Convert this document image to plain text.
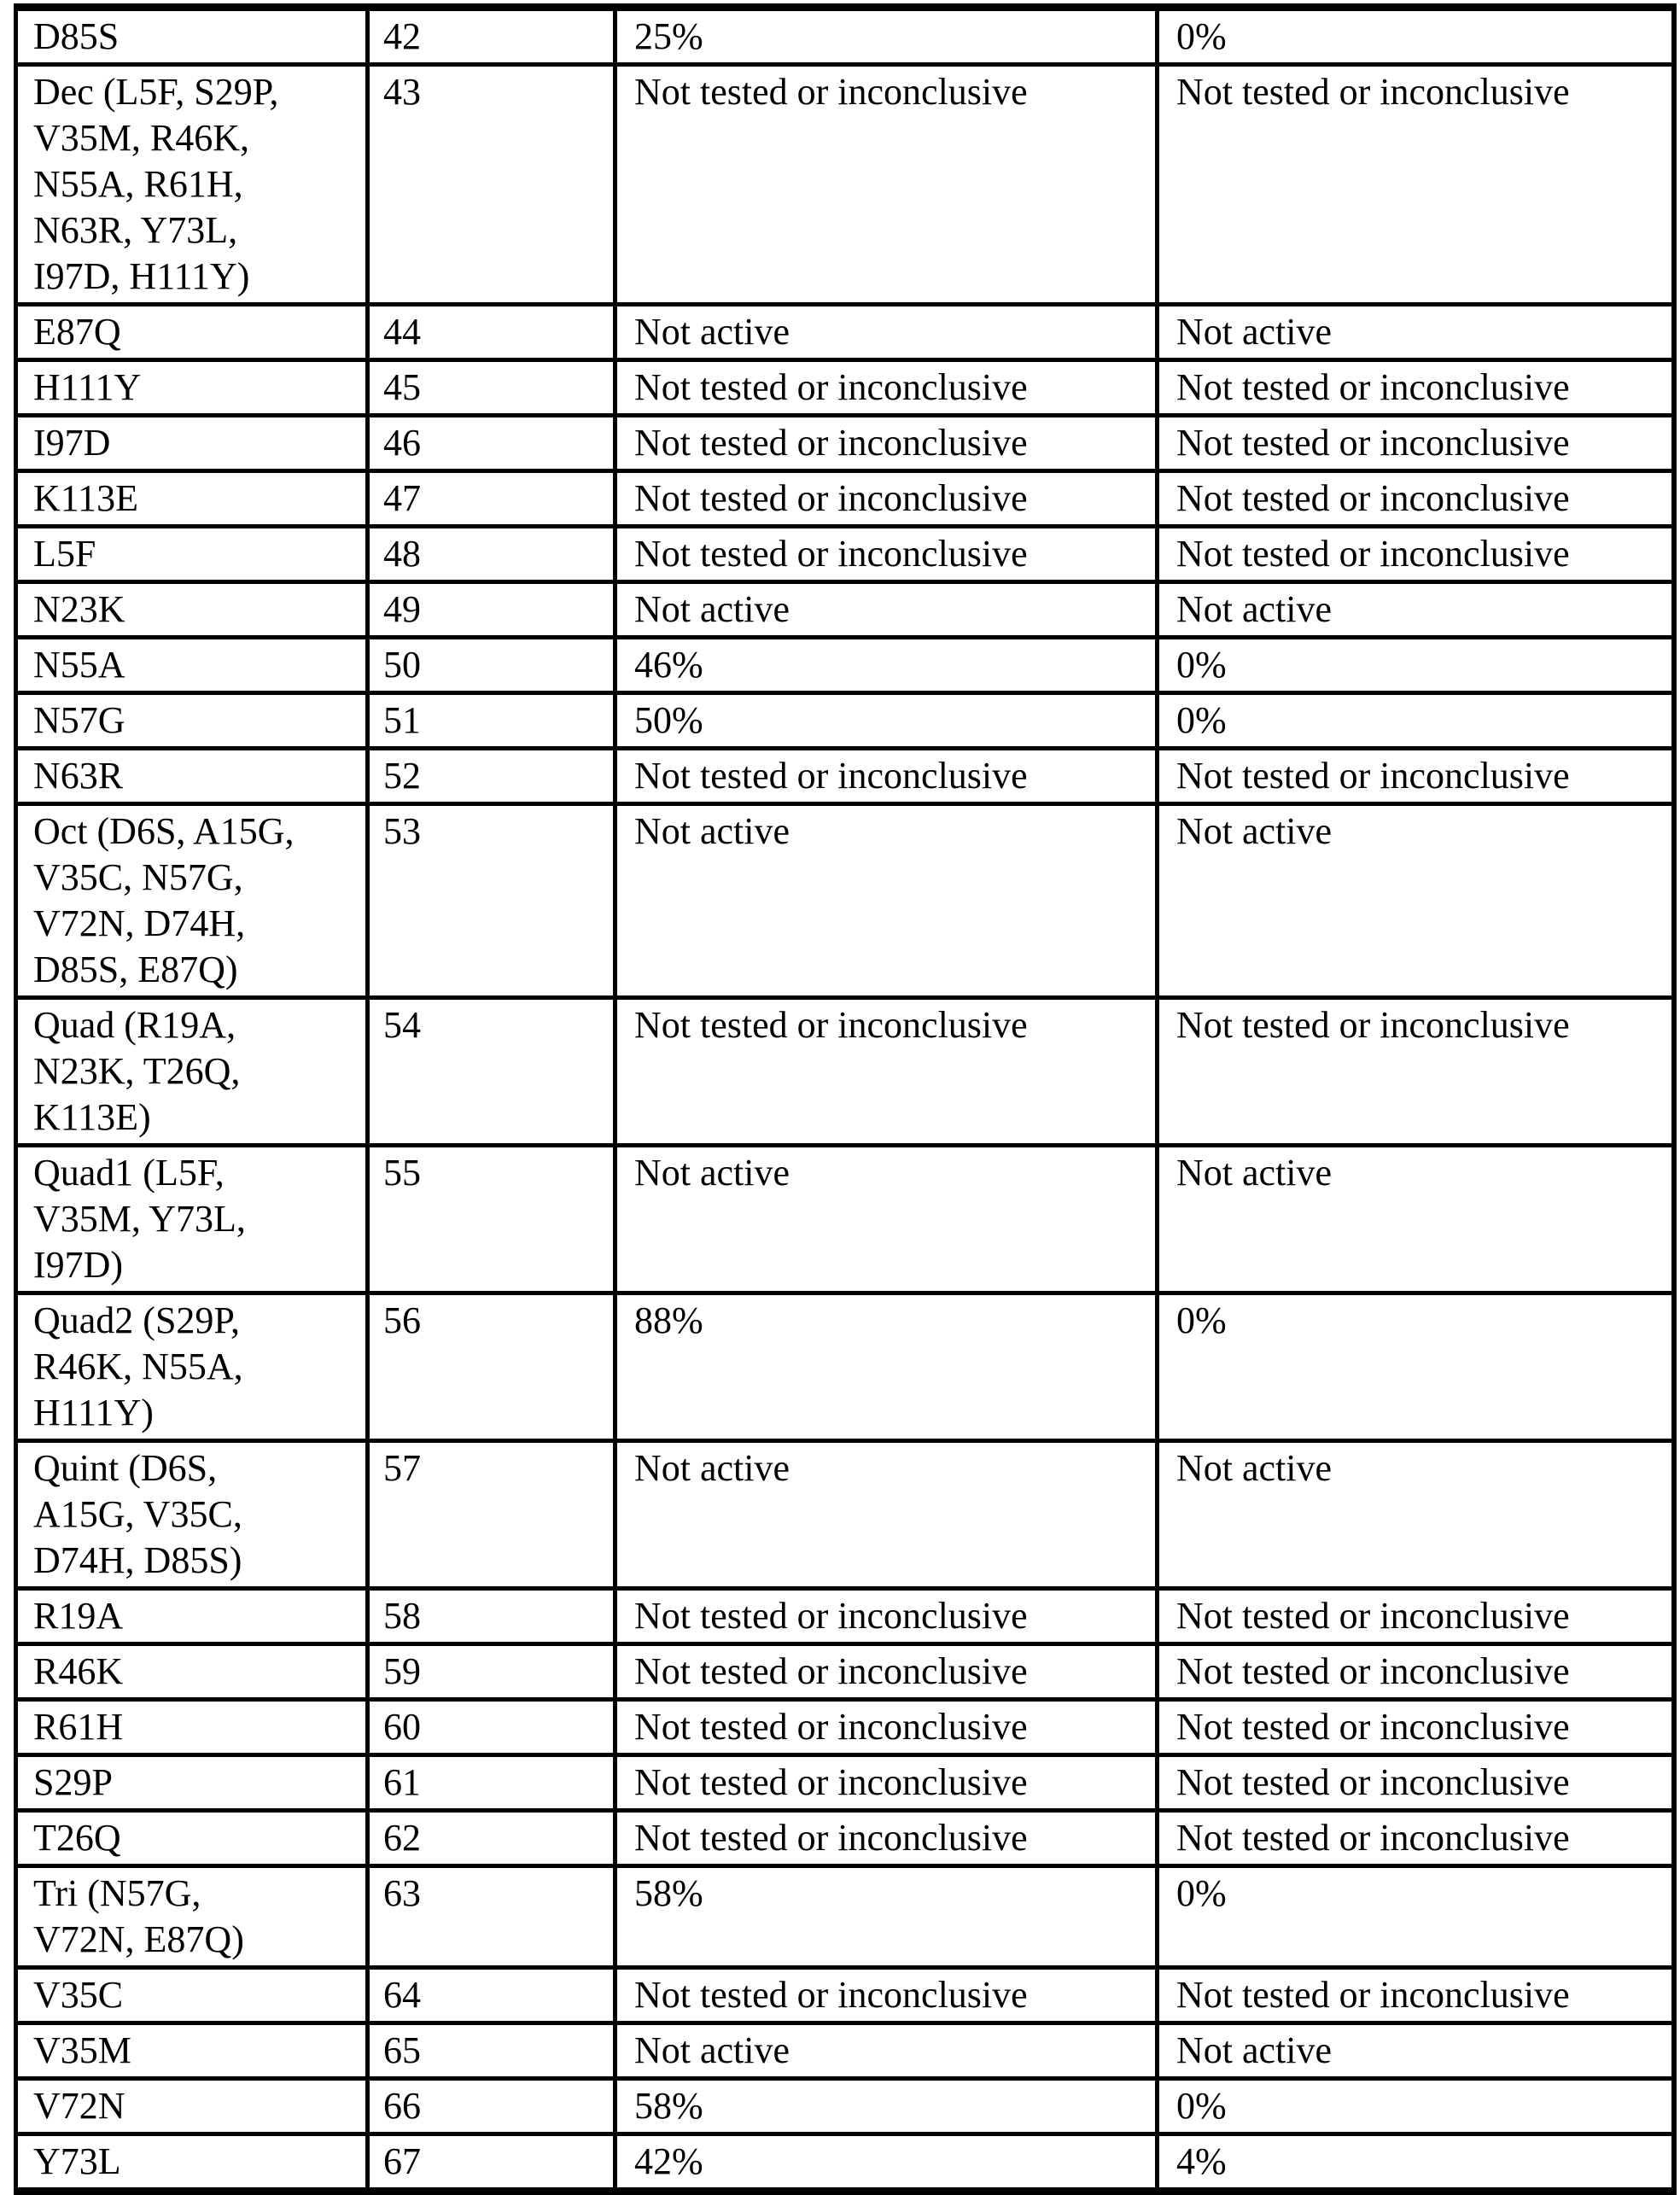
D85S	42	25%	0%
Dec (L5F, S29P,
V35M, R46K,
N55A, R61H,
N63R, Y73L,
I97D, H111Y)	43	Not tested or inconclusive	Not tested or inconclusive
E87Q	44	Not active	Not active
H111Y	45	Not tested or inconclusive	Not tested or inconclusive
I97D	46	Not tested or inconclusive	Not tested or inconclusive
K113E	47	Not tested or inconclusive	Not tested or inconclusive
L5F	48	Not tested or inconclusive	Not tested or inconclusive
N23K	49	Not active	Not active
N55A	50	46%	0%
N57G	51	50%	0%
N63R	52	Not tested or inconclusive	Not tested or inconclusive
Oct (D6S, A15G,
V35C, N57G,
V72N, D74H,
D85S, E87Q)	53	Not active	Not active
Quad (R19A,
N23K, T26Q,
K113E)	54	Not tested or inconclusive	Not tested or inconclusive
Quad1 (L5F,
V35M, Y73L,
I97D)	55	Not active	Not active
Quad2 (S29P,
R46K, N55A,
H111Y)	56	88%	0%
Quint (D6S,
A15G, V35C,
D74H, D85S)	57	Not active	Not active
R19A	58	Not tested or inconclusive	Not tested or inconclusive
R46K	59	Not tested or inconclusive	Not tested or inconclusive
R61H	60	Not tested or inconclusive	Not tested or inconclusive
S29P	61	Not tested or inconclusive	Not tested or inconclusive
T26Q	62	Not tested or inconclusive	Not tested or inconclusive
Tri (N57G,
V72N, E87Q)	63	58%	0%
V35C	64	Not tested or inconclusive	Not tested or inconclusive
V35M	65	Not active	Not active
V72N	66	58%	0%
Y73L	67	42%	4%
